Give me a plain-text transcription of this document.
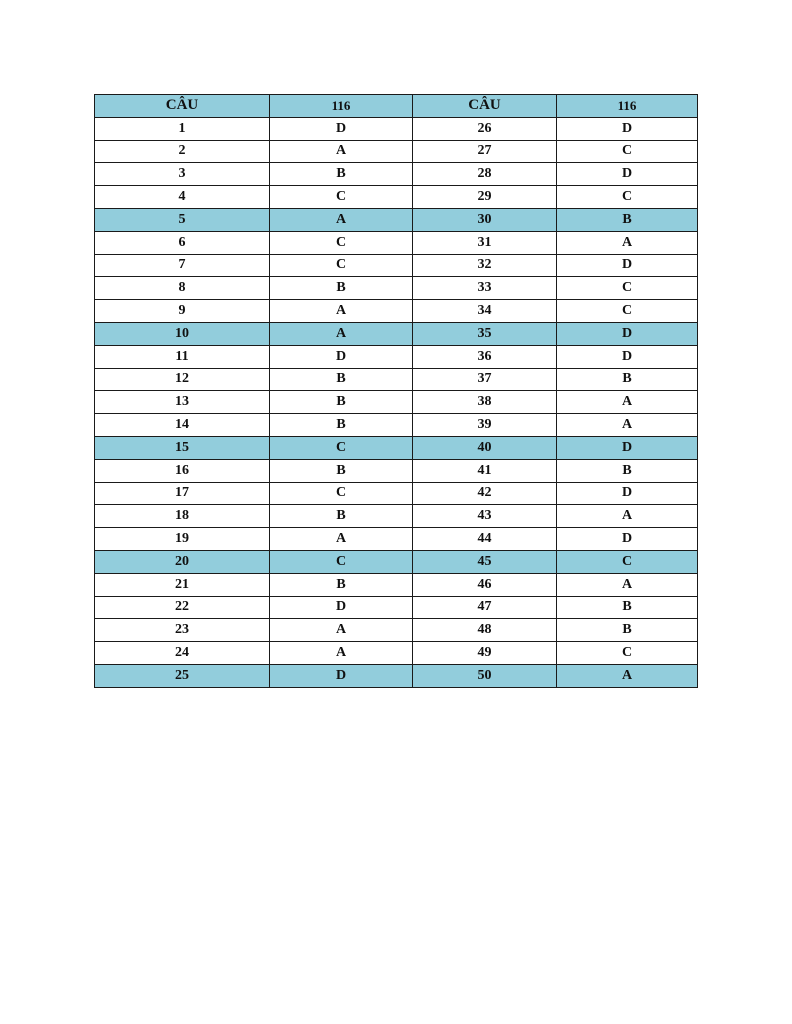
CÂU	116	CÂU	116
1	D	26	D
2	A	27	C
3	B	28	D
4	C	29	C
5	A	30	B
6	C	31	A
7	C	32	D
8	B	33	C
9	A	34	C
10	A	35	D
11	D	36	D
12	B	37	B
13	B	38	A
14	B	39	A
15	C	40	D
16	B	41	B
17	C	42	D
18	B	43	A
19	A	44	D
20	C	45	C
21	B	46	A
22	D	47	B
23	A	48	B
24	A	49	C
25	D	50	A
